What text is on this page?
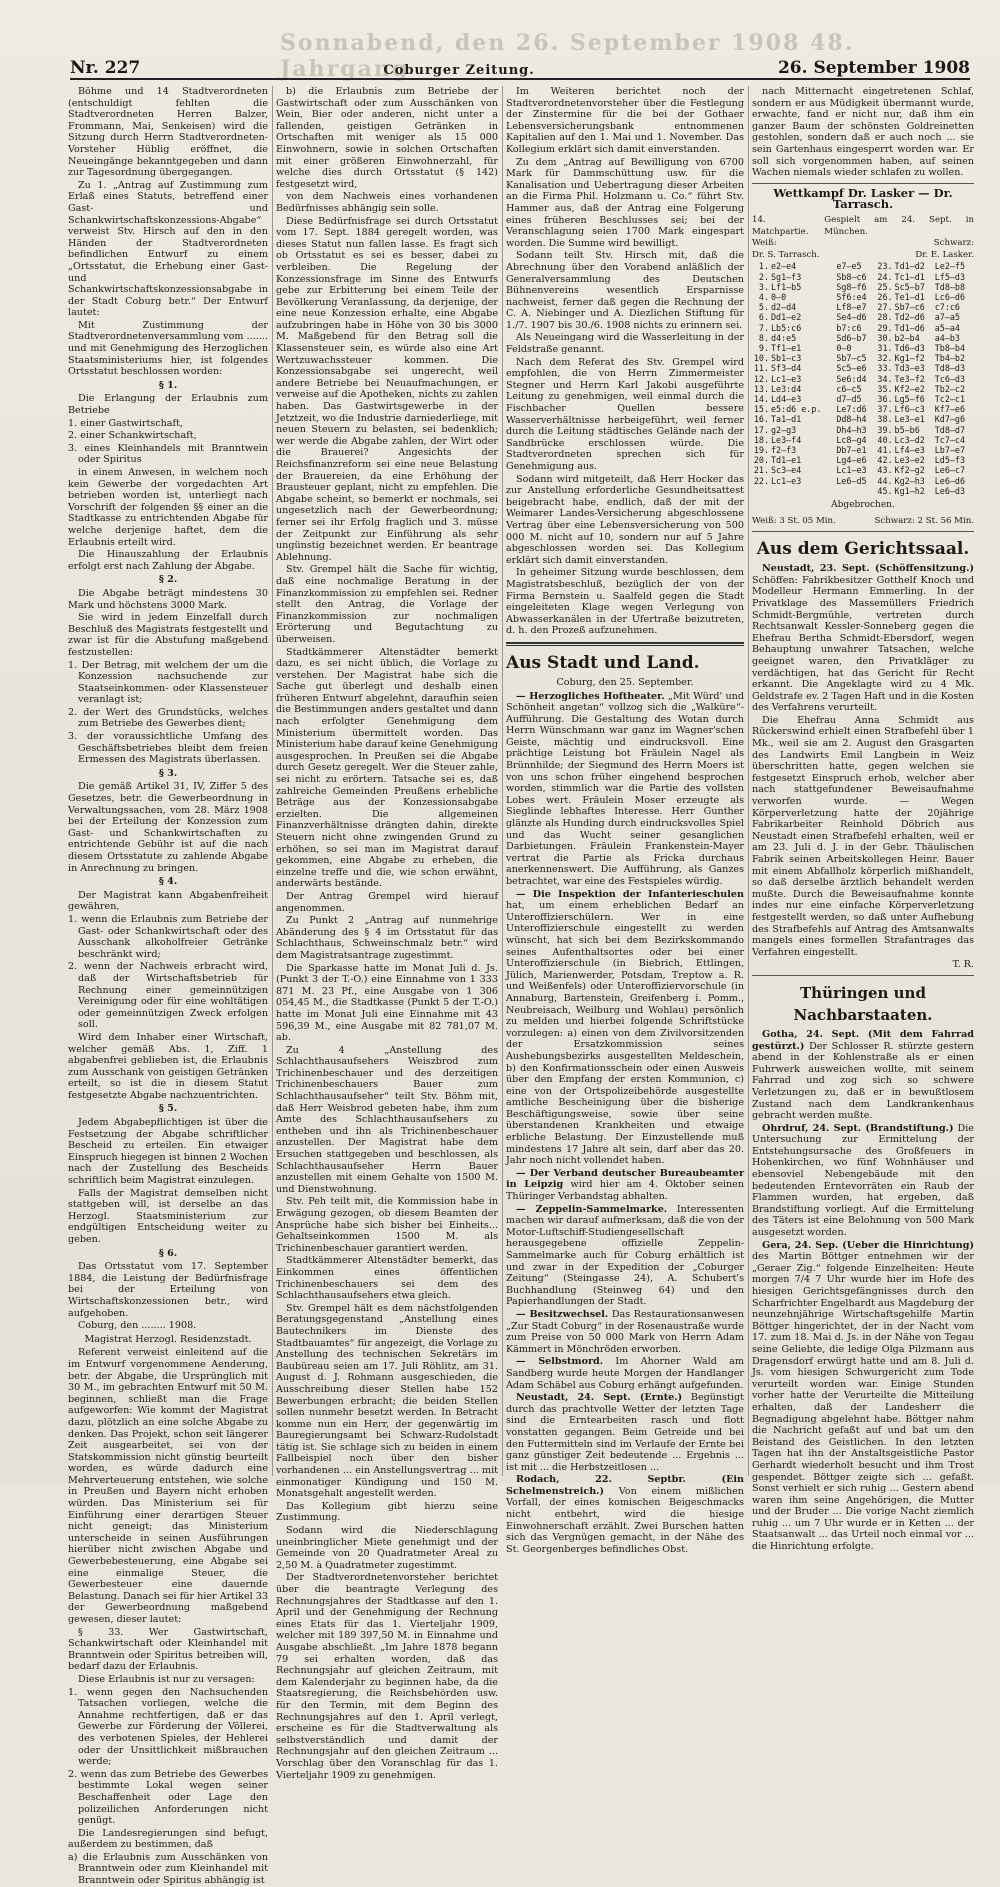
Sonnabend, den 26. September 1908 48. Jahrgang
Nr. 227	Coburger Zeitung.	26. September 1908

Böhme und 14 Stadtverordneten (entschuldigt fehlten die Stadtverordneten Herren Balzer, Frommann, Mai, Senkeisen) wird die Sitzung durch Herrn Stadtverordneten-Vorsteher Hüblig eröffnet, die Neueingänge bekanntgegeben und dann zur Tagesordnung übergegangen.

Zu 1. „Antrag auf Zustimmung zum Erlaß eines Statuts, betreffend einer Gast- und Schankwirtschaftskonzessions-Abgabe“ verweist Stv. Hirsch auf den in den Händen der Stadtverordneten befindlichen Entwurf zu einem „Ortsstatut, die Erhebung einer Gast- und Schankwirtschaftskonzessionsabgabe in der Stadt Coburg betr.“ Der Entwurf lautet:

Mit Zustimmung der Stadtverordnetenversammlung vom ....... und mit Genehmigung des Herzoglichen Staatsministeriums hier, ist folgendes Ortsstatut beschlossen worden:

§ 1.

Die Erlangung der Erlaubnis zum Betriebe

1. einer Gastwirtschaft,

2. einer Schankwirtschaft,

3. eines Kleinhandels mit Branntwein oder Spiritus

in einem Anwesen, in welchem noch kein Gewerbe der vorgedachten Art betrieben worden ist, unterliegt nach Vorschrift der folgenden §§ einer an die Stadtkasse zu entrichtenden Abgabe für welche derjenige haftet, dem die Erlaubnis erteilt wird.

Die Hinauszahlung der Erlaubnis erfolgt erst nach Zahlung der Abgabe.

§ 2.

Die Abgabe beträgt mindestens 30 Mark und höchstens 3000 Mark.

Sie wird in jedem Einzelfall durch Beschluß des Magistrats festgestellt und zwar ist für die Abstufung maßgebend festzustellen:

1. Der Betrag, mit welchem der um die Konzession nachsuchende zur Staatseinkommen- oder Klassensteuer veranlagt ist;

2. der Wert des Grundstücks, welches zum Betriebe des Gewerbes dient;

3. der voraussichtliche Umfang des Geschäftsbetriebes bleibt dem freien Ermessen des Magistrats überlassen.

§ 3.

Die gemäß Artikel 31, IV, Ziffer 5 des Gesetzes, betr. die Gewerbeordnung in Verwaltungssachen, vom 28. März 1908 bei der Erteilung der Konzession zum Gast- und Schankwirtschaften zu entrichtende Gebühr ist auf die nach diesem Ortsstatute zu zahlende Abgabe in Anrechnung zu bringen.

§ 4.

Der Magistrat kann Abgabenfreiheit gewähren,

1. wenn die Erlaubnis zum Betriebe der Gast- oder Schankwirtschaft oder des Ausschank alkoholfreier Getränke beschränkt wird;

2. wenn der Nachweis erbracht wird, daß der Wirtschaftsbetrieb für Rechnung einer gemeinnützigen Vereinigung oder für eine wohltätigen oder gemeinnützigen Zweck erfolgen soll.

Wird dem Inhaber einer Wirtschaft, welcher gemäß Abs. 1, Ziff. 1 abgabenfrei geblieben ist, die Erlaubnis zum Ausschank von geistigen Getränken erteilt, so ist die in diesem Statut festgesetzte Abgabe nachzuentrichten.

§ 5.

Jedem Abgabepflichtigen ist über die Festsetzung der Abgabe schriftlicher Bescheid zu erteilen. Ein etwaiger Einspruch hiegegen ist binnen 2 Wochen nach der Zustellung des Bescheids schriftlich beim Magistrat einzulegen.

Falls der Magistrat demselben nicht stattgeben will, ist derselbe an das Herzogl. Staatsministerium zur endgültigen Entscheidung weiter zu geben.

§ 6.

Das Ortsstatut vom 17. September 1884, die Leistung der Bedürfnisfrage bei der Erteilung von Wirtschaftskonzessionen betr., wird aufgehoben.

Coburg, den ........ 1908.

Magistrat Herzogl. Residenzstadt.

Referent verweist einleitend auf die im Entwurf vorgenommene Aenderung, betr. der Abgabe, die Ursprünglich mit 30 M., im gebrachten Entwurf mit 50 M. beginnen, schließt man die Frage aufgeworfen: Wie kommt der Magistrat dazu, plötzlich an eine solche Abgabe zu denken. Das Projekt, schon seit längerer Zeit ausgearbeitet, sei von der Statskommission nicht günstig beurteilt worden, es würde dadurch eine Mehrverteuerung entstehen, wie solche in Preußen und Bayern nicht erhoben würden. Das Ministerium sei für Einführung einer derartigen Steuer nicht geneigt; das Ministerium unterscheide in seinen Ausführungen hierüber nicht zwischen Abgabe und Gewerbebesteuerung, eine Abgabe sei eine einmalige Steuer, die Gewerbesteuer eine dauernde Belastung. Danach sei für hier Artikel 33 der Gewerbeordnung maßgebend gewesen, dieser lautet:

§ 33. Wer Gastwirtschaft, Schankwirtschaft oder Kleinhandel mit Branntwein oder Spiritus betreiben will, bedarf dazu der Erlaubnis.

Diese Erlaubnis ist nur zu versagen:

1. wenn gegen den Nachsuchenden Tatsachen vorliegen, welche die Annahme rechtfertigen, daß er das Gewerbe zur Förderung der Völlerei, des verbotenen Spieles, der Hehlerei oder der Unsittlichkeit mißbrauchen werde;

2. wenn das zum Betriebe des Gewerbes bestimmte Lokal wegen seiner Beschaffenheit oder Lage den polizeilichen Anforderungen nicht genügt.

Die Landesregierungen sind befugt, außerdem zu bestimmen, daß

a) die Erlaubnis zum Ausschänken von Branntwein oder zum Kleinhandel mit Branntwein oder Spiritus abhängig ist

b) die Erlaubnis zum Betriebe der Gastwirtschaft oder zum Ausschänken von Wein, Bier oder anderen, nicht unter a fallenden, geistigen Getränken in Ortschaften mit weniger als 15 000 Einwohnern, sowie in solchen Ortschaften mit einer größeren Einwohnerzahl, für welche dies durch Ortsstatut (§ 142) festgesetzt wird,

von dem Nachweis eines vorhandenen Bedürfnisses abhängig sein solle.

Diese Bedürfnisfrage sei durch Ortsstatut vom 17. Sept. 1884 geregelt worden, was dieses Statut nun fallen lasse. Es fragt sich ob Ortsstatut es sei es besser, dabei zu verbleiben. Die Regelung der Konzessionsfrage im Sinne des Entwurfs gebe zur Erbitterung bei einem Teile der Bevölkerung Veranlassung, da derjenige, der eine neue Konzession erhalte, eine Abgabe aufzubringen habe in Höhe von 30 bis 3000 M. Maßgebend für den Betrag soll die Klassensteuer sein, es würde also eine Art Wertzuwachssteuer kommen. Die Konzessionsabgabe sei ungerecht, weil andere Betriebe bei Neuaufmachungen, er verweise auf die Apotheken, nichts zu zahlen haben. Das Gastwirtsgewerbe in der Jetztzeit, wo die Industrie darniederliege, mit neuen Steuern zu belasten, sei bedenklich; wer werde die Abgabe zahlen, der Wirt oder die Brauerei? Angesichts der Reichsfinanzreform sei eine neue Belastung der Brauereien, da eine Erhöhung der Brausteuer geplant, nicht zu empfehlen. Die Abgabe scheint, so bemerkt er nochmals, sei ungesetzlich nach der Gewerbeordnung; ferner sei ihr Erfolg fraglich und 3. müsse der Zeitpunkt zur Einführung als sehr ungünstig bezeichnet werden. Er beantrage Ablehnung.

Stv. Grempel hält die Sache für wichtig, daß eine nochmalige Beratung in der Finanzkommission zu empfehlen sei. Redner stellt den Antrag, die Vorlage der Finanzkommission zur nochmaligen Erörterung und Begutachtung zu überweisen.

Stadtkämmerer Altenstädter bemerkt dazu, es sei nicht üblich, die Vorlage zu verstehen. Der Magistrat habe sich die Sache gut überlegt und deshalb einen früheren Entwurf abgelehnt, daraufhin seien die Bestimmungen anders gestaltet und dann nach erfolgter Genehmigung dem Ministerium übermittelt worden. Das Ministerium habe darauf keine Genehmigung ausgesprochen. In Preußen sei die Abgabe durch Gesetz geregelt. Wer die Steuer zahle, sei nicht zu erörtern. Tatsache sei es, daß zahlreiche Gemeinden Preußens erhebliche Beträge aus der Konzessionsabgabe erzielten. Die allgemeinen Finanzverhältnisse drängten dahin, direkte Steuern nicht ohne zwingenden Grund zu erhöhen, so sei man im Magistrat darauf gekommen, eine Abgabe zu erheben, die einzelne treffe und die, wie schon erwähnt, anderwärts bestände.

Der Antrag Grempel wird hierauf angenommen.

Zu Punkt 2 „Antrag auf nunmehrige Abänderung des § 4 im Ortsstatut für das Schlachthaus, Schweinschmalz betr.“ wird dem Magistratsantrage zugestimmt.

Die Sparkasse hatte im Monat Juli d. Js. (Punkt 3 der T.-O.) eine Einnahme von 1 333 871 M. 23 Pf., eine Ausgabe von 1 306 054,45 M., die Stadtkasse (Punkt 5 der T.-O.) hatte im Monat Juli eine Einnahme mit 43 596,39 M., eine Ausgabe mit 82 781,07 M. ab.

Zu 4 „Anstellung des Schlachthausaufsehers Weiszbrod zum Trichinenbeschauer und des derzeitigen Trichinenbeschauers Bauer zum Schlachthausaufseher“ teilt Stv. Böhm mit, daß Herr Weisbrod gebeten habe, ihm zum Amte des Schlachthausaufsehers zu entheben und ihn als Trichinenbeschauer anzustellen. Der Magistrat habe dem Ersuchen stattgegeben und beschlossen, als Schlachthausaufseher Herrn Bauer anzustellen mit einem Gehalte von 1500 M. und Dienstwohnung.

Stv. Peh teilt mit, die Kommission habe in Erwägung gezogen, ob diesem Beamten der Ansprüche habe sich bisher bei Einheits... Gehaltseinkommen 1500 M. als Trichinenbeschauer garantiert werden.

Stadtkämmerer Altenstädter bemerkt, das Einkommen eines öffentlichen Trichinenbeschauers sei dem des Schlachthausaufsehers etwa gleich.

Stv. Grempel hält es dem nächstfolgenden Beratungsgegenstand „Anstellung eines Bautechnikers im Dienste des Stadtbauamtes“ für angezeigt, die Vorlage zu Anstellung des technischen Sekretärs im Baubüreau seien am 17. Juli Röhlitz, am 31. August d. J. Rohmann ausgeschieden, die Ausschreibung dieser Stellen habe 152 Bewerbungen erbracht; die beiden Stellen sollen nunmehr besetzt werden. In Betracht komme nun ein Herr, der gegenwärtig im Bauregierungsamt bei Schwarz-Rudolstadt tätig ist. Sie schlage sich zu beiden in einem Fallbeispiel noch über den bisher vorhandenen ... ein Anstellungsvertrag ... mit einmonatiger Kündigung und 150 M. Monatsgehalt angestellt werden.

Das Kollegium gibt hierzu seine Zustimmung.

Sodann wird die Niederschlagung uneinbringlicher Miete genehmigt und der Gemeinde von 20 Quadratmeter Areal zu 2,50 M. à Quadratmeter zugestimmt.

Der Stadtverordnetenvorsteher berichtet über die beantragte Verlegung des Rechnungsjahres der Stadtkasse auf den 1. April und der Genehmigung der Rechnung eines Etats für das 1. Vierteljahr 1909, welcher mit 189 397,50 M. in Einnahme und Ausgabe abschließt. „Im Jahre 1878 begann 79 sei erhalten worden, daß das Rechnungsjahr auf gleichen Zeitraum, mit dem Kalenderjahr zu beginnen habe, da die Staatsregierung, die Reichsbehörden usw. für den Termin, mit dem Beginn des Rechnungsjahres auf den 1. April verlegt, erscheine es für die Stadtverwaltung als selbstverständlich und damit der Rechnungsjahr auf den gleichen Zeitraum ... Vorschlag über den Voranschlag für das 1. Vierteljahr 1909 zu genehmigen.

Im Weiteren berichtet noch der Stadtverordnetenvorsteher über die Festlegung der Zinstermine für die bei der Gothaer Lebensversicherungsbank entnommenen Kapitalien auf den 1. Mai und 1. November. Das Kollegium erklärt sich damit einverstanden.

Zu dem „Antrag auf Bewilligung von 6700 Mark für Dammschüttung usw. für die Kanalisation und Uebertragung dieser Arbeiten an die Firma Phil. Holzmann u. Co.“ führt Stv. Hammer aus, daß der Antrag eine Folgerung eines früheren Beschlusses sei; bei der Veranschlagung seien 1700 Mark eingespart worden. Die Summe wird bewilligt.

Sodann teilt Stv. Hirsch mit, daß die Abrechnung über den Vorabend anläßlich der Generalversammlung des Deutschen Bühnenvereins wesentlich Ersparnisse nachweist, ferner daß gegen die Rechnung der C. A. Niebinger und A. Diezlichen Stiftung für 1./7. 1907 bis 30./6. 1908 nichts zu erinnern sei.

Als Neueingang wird die Wasserleitung in der Feldstraße genannt.

Nach dem Referat des Stv. Grempel wird empfohlen, die von Herrn Zimmermeister Stegner und Herrn Karl Jakobi ausgeführte Leitung zu genehmigen, weil einmal durch die Fischbacher Quellen bessere Wasserverhältnisse herbeigeführt, weil ferner durch die Leitung städtisches Gelände nach der Sandbrücke erschlossen würde. Die Stadtverordneten sprechen sich für Genehmigung aus.

Sodann wird mitgeteilt, daß Herr Hocker das zur Anstellung erforderliche Gesundheitsattest beigebracht habe, endlich, daß der mit der Weimarer Landes-Versicherung abgeschlossene Vertrag über eine Lebensversicherung von 500 000 M. nicht auf 10, sondern nur auf 5 Jahre abgeschlossen worden sei. Das Kollegium erklärt sich damit einverstanden.

In geheimer Sitzung wurde beschlossen, dem Magistratsbeschluß, bezüglich der von der Firma Bernstein u. Saalfeld gegen die Stadt eingeleiteten Klage wegen Verlegung von Abwasserkanälen in der Ufertraße beizutreten, d. h. den Prozeß aufzunehmen.

Aus Stadt und Land.

Coburg, den 25. September.

— Herzogliches Hoftheater. „Mit Würd' und Schönheit angetan“ vollzog sich die „Walküre“-Aufführung. Die Gestaltung des Wotan durch Herrn Wünschmann war ganz im Wagner'schen Geiste, mächtig und eindrucksvoll. Eine prächtige Leistung bot Fräulein Nagel als Brünnhilde; der Siegmund des Herrn Moers ist von uns schon früher eingehend besprochen worden, stimmlich war die Partie des vollsten Lobes wert. Fräulein Moser erzeugte als Sieglinde lebhaftes Interesse. Herr Gunther glänzte als Hunding durch eindrucksvolles Spiel und das Wucht seiner gesanglichen Darbietungen. Fräulein Frankenstein-Mayer vertrat die Partie als Fricka durchaus anerkennenswert. Die Aufführung, als Ganzes betrachtet, war eine des Festspieles würdig.

— Die Inspektion der Infanterieschulen hat, um einem erheblichen Bedarf an Unteroffizierschülern. Wer in eine Unteroffizierschule eingestellt zu werden wünscht, hat sich bei dem Bezirkskommando seines Aufenthaltsortes oder bei einer Unteroffizierschule (in Biebrich, Ettlingen, Jülich, Marienwerder, Potsdam, Treptow a. R. und Weißenfels) oder Unteroffiziervorschule (in Annaburg, Bartenstein, Greifenberg i. Pomm., Neubreisach, Weilburg und Wohlau) persönlich zu melden und hierbei folgende Schriftstücke vorzulegen: a) einen von dem Zivilvorsitzenden der Ersatzkommission seines Aushebungsbezirks ausgestellten Meldeschein, b) den Konfirmationsschein oder einen Ausweis über den Empfang der ersten Kommunion, c) eine von der Ortspolizeibehörde ausgestellte amtliche Bescheinigung über die bisherige Beschäftigungsweise, sowie über seine überstandenen Krankheiten und etwaige erbliche Belastung. Der Einzustellende muß mindestens 17 Jahre alt sein, darf aber das 20. Jahr noch nicht vollendet haben.

— Der Verband deutscher Bureaubeamter in Leipzig wird hier am 4. Oktober seinen Thüringer Verbandstag abhalten.

— Zeppelin-Sammelmarke. Interessenten machen wir darauf aufmerksam, daß die von der Motor-Luftschiff-Studiengesellschaft herausgegebene offizielle Zeppelin-Sammelmarke auch für Coburg erhältlich ist und zwar in der Expedition der „Coburger Zeitung“ (Steingasse 24), A. Schubert's Buchhandlung (Steinweg 64) und den Papierhandlungen der Stadt.

— Besitzwechsel. Das Restaurationsanwesen „Zur Stadt Coburg“ in der Rosenaustraße wurde zum Preise von 50 000 Mark von Herrn Adam Kämmert in Mönchröden erworben.

— Selbstmord. Im Ahorner Wald am Sandberg wurde heute Morgen der Handlanger Adam Schäbel aus Coburg erhängt aufgefunden.

Neustadt, 24. Sept. (Ernte.) Begünstigt durch das prachtvolle Wetter der letzten Tage sind die Erntearbeiten rasch und flott vonstatten gegangen. Beim Getreide und bei den Futtermitteln sind im Verlaufe der Ernte bei ganz günstiger Zeit bedeutende ... Ergebnis ... ist mit ... die Herbstzeitlosen ...

Rodach, 22. Septbr. (Ein Schelmenstreich.) Von einem mißlichen Vorfall, der eines komischen Beigeschmacks nicht entbehrt, wird die hiesige Einwohnerschaft erzählt. Zwei Burschen hatten sich das Vergnügen gemacht, in der Nähe des St. Georgenberges befindliches Obst.

nach Mitternacht eingetretenen Schlaf, sondern er aus Müdigkeit übermannt wurde, erwachte, fand er nicht nur, daß ihm ein ganzer Baum der schönsten Goldreinetten gestohlen, sondern daß er auch noch ... sie sein Gartenhaus eingesperrt worden war. Er soll sich vorgenommen haben, auf seinen Wachen niemals wieder schlafen zu wollen.

Wettkampf Dr. Lasker — Dr. Tarrasch.
14. Matchpartie.
Gespielt am 24. Sept. in München.
Weiß:	Schwarz:
Dr. S. Tarrasch.	Dr. E. Lasker.
1.	e2—e4	e7—e5	23.	Td1—d2	Le2—f5
2.	Sg1—f3	Sb8—c6	24.	Tc1—d1	Lf5—d3
3.	Lf1—b5	Sg8—f6	25.	Sc5—b7	Td8—b8
4.	0—0	Sf6:e4	26.	Te1—d1	Lc6—d6
5.	d2—d4	Lf8—e7	27.	Sb7—c6	c7:c6
6.	Dd1—e2	Se4—d6	28.	Td2—d6	a7—a5
7.	Lb5:c6	b7:c6	29.	Td1—d6	a5—a4
8.	d4:e5	Sd6—b7	30.	b2—b4	a4—b3
9.	Tf1—e1	0—0	31.	Td6—d3	Tb8—b4
10.	Sb1—c3	Sb7—c5	32.	Kg1—f2	Tb4—b2
11.	Sf3—d4	Sc5—e6	33.	Td3—e3	Td8—d3
12.	Lc1—e3	Se6:d4	34.	Te3—f2	Tc6—d3
13.	Le3:d4	c6—c5	35.	Kf2—e2	Tb2—c2
14.	Ld4—e3	d7—d5	36.	Lg5—f6	Tc2—c1
15.	e5:d6 e.p.	Le7:d6	37.	Lf6—c3	Kf7—e6
16.	Ta1—d1	Dd8—h4	38.	Le3—e1	Kd7—g6
17.	g2—g3	Dh4—h3	39.	b5—b6	Td8—d7
18.	Le3—f4	Lc8—g4	40.	Lc3—d2	Tc7—c4
19.	f2—f3	Db7—e1	41.	Lf4—e3	Lb7—e7
20.	Td1—e1	Lg4—e6	42.	Le3—e2	Ld5—f3
21.	Sc3—e4	Lc1—e3	43.	Kf2—g2	Le6—c7
22.	Lc1—e3	Le6—d5	44.	Kg2—h3	Le6—d6
			45.	Kg1—h2	Le6—d3
Abgebrochen.
Weiß: 3 St. 05 Min.	Schwarz: 2 St. 56 Min.
Aus dem Gerichtssaal.

Neustadt, 23. Sept. (Schöffensitzung.) Schöffen: Fabrikbesitzer Gotthelf Knoch und Modelleur Hermann Emmerling. In der Privatklage des Massemüllers Friedrich Schmidt-Bergmühle, vertreten durch Rechtsanwalt Kessler-Sonneberg gegen die Ehefrau Bertha Schmidt-Ebersdorf, wegen Behauptung unwahrer Tatsachen, welche geeignet waren, den Privatkläger zu verdächtigen, hat das Gericht für Recht erkannt. Die Angeklagte wird zu 4 Mk. Geldstrafe ev. 2 Tagen Haft und in die Kosten des Verfahrens verurteilt.

Die Ehefrau Anna Schmidt aus Rückerswind erhielt einen Strafbefehl über 1 Mk., weil sie am 2. August den Grasgarten des Landwirts Emil Langbein in Weiz überschritten hatte, gegen welchen sie festgesetzt Einspruch erhob, welcher aber nach stattgefundener Beweisaufnahme verworfen wurde. — Wegen Körperverletzung hatte der 20jährige Fabrikarbeiter Reinhold Döbrich aus Neustadt einen Strafbefehl erhalten, weil er am 23. Juli d. J. in der Gebr. Thäulischen Fabrik seinen Arbeitskollegen Heinr. Bauer mit einem Abfallholz körperlich mißhandelt, so daß derselbe ärztlich behandelt werden mußte. Durch die Beweisaufnahme konnte indes nur eine einfache Körperverletzung festgestellt werden, so daß unter Aufhebung des Strafbefehls auf Antrag des Amtsanwalts mangels eines formellen Strafantrages das Verfahren eingestellt.

T. R.

Thüringen und Nachbarstaaten.

Gotha, 24. Sept. (Mit dem Fahrrad gestürzt.) Der Schlosser R. stürzte gestern abend in der Kohlenstraße als er einen Fuhrwerk ausweichen wollte, mit seinem Fahrrad und zog sich so schwere Verletzungen zu, daß er in bewußtlosem Zustand nach dem Landkrankenhaus gebracht werden mußte.

Ohrdruf, 24. Sept. (Brandstiftung.) Die Untersuchung zur Ermittelung der Entstehungsursache des Großfeuers in Hohenkirchen, wo fünf Wohnhäuser und ebensoviel Nebengebäude mit den bedeutenden Erntevorräten ein Raub der Flammen wurden, hat ergeben, daß Brandstiftung vorliegt. Auf die Ermittelung des Täters ist eine Belohnung von 500 Mark ausgesetzt worden.

Gera, 24. Sep. (Ueber die Hinrichtung) des Martin Böttger entnehmen wir der „Geraer Zig.“ folgende Einzelheiten: Heute morgen 7/4 7 Uhr wurde hier im Hofe des hiesigen Gerichtsgefängnisses durch den Scharfrichter Engelhardt aus Magdeburg der neunzehnjährige Wirtschaftsgehilfe Martin Böttger hingerichtet, der in der Nacht vom 17. zum 18. Mai d. Js. in der Nähe von Tegau seine Geliebte, die ledige Olga Pilzmann aus Dragensdorf erwürgt hatte und am 8. Juli d. Js. vom hiesigen Schwurgericht zum Tode verurteilt worden war. Einige Stunden vorher hatte der Verurteilte die Mitteilung erhalten, daß der Landesherr die Begnadigung abgelehnt habe. Böttger nahm die Nachricht gefaßt auf und bat um den Beistand des Geistlichen. In den letzten Tagen hat ihn der Anstaltsgeistliche Pastor Gerhardt wiederholt besucht und ihm Trost gespendet. Böttger zeigte sich ... gefaßt. Sonst verhielt er sich ruhig ... Gestern abend waren ihm seine Angehörigen, die Mutter und der Bruder ... Die vorige Nacht ziemlich ruhig ... um 7 Uhr wurde er in Ketten ... der Staatsanwalt ... das Urteil noch einmal vor ... die Hinrichtung erfolgte.
